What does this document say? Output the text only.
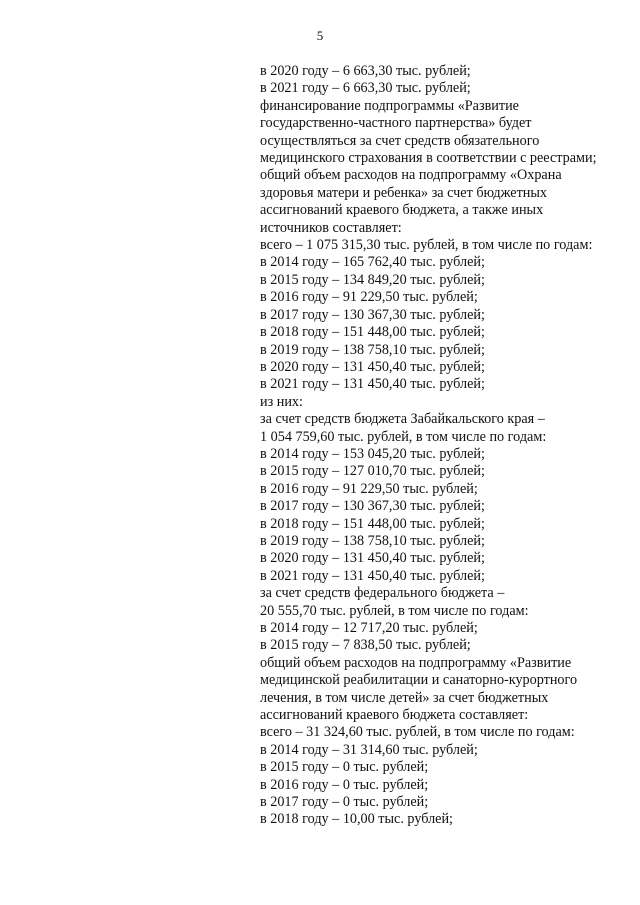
5
в 2020 году – 6 663,30 тыс. рублей;
в 2021 году – 6 663,30 тыс. рублей;
финансирование подпрограммы «Развитие
государственно-частного партнерства» будет
осуществляться за счет средств обязательного
медицинского страхования в соответствии с реестрами;
общий объем расходов на подпрограмму «Охрана
здоровья матери и ребенка» за счет бюджетных
ассигнований краевого бюджета, а также иных
источников составляет:
всего – 1 075 315,30 тыс. рублей, в том числе по годам:
в 2014 году – 165 762,40 тыс. рублей;
в 2015 году – 134 849,20 тыс. рублей;
в 2016 году – 91 229,50 тыс. рублей;
в 2017 году – 130 367,30 тыс. рублей;
в 2018 году – 151 448,00 тыс. рублей;
в 2019 году – 138 758,10 тыс. рублей;
в 2020 году – 131 450,40 тыс. рублей;
в 2021 году – 131 450,40 тыс. рублей;
из них:
за счет средств бюджета Забайкальского края –
1 054 759,60 тыс. рублей, в том числе по годам:
в 2014 году – 153 045,20 тыс. рублей;
в 2015 году – 127 010,70 тыс. рублей;
в 2016 году – 91 229,50 тыс. рублей;
в 2017 году – 130 367,30 тыс. рублей;
в 2018 году – 151 448,00 тыс. рублей;
в 2019 году – 138 758,10 тыс. рублей;
в 2020 году – 131 450,40 тыс. рублей;
в 2021 году – 131 450,40 тыс. рублей;
за счет средств федерального бюджета –
20 555,70 тыс. рублей, в том числе по годам:
в 2014 году – 12 717,20 тыс. рублей;
в 2015 году – 7 838,50 тыс. рублей;
общий объем расходов на подпрограмму «Развитие
медицинской реабилитации и санаторно-курортного
лечения, в том числе детей» за счет бюджетных
ассигнований краевого бюджета составляет:
всего – 31 324,60 тыс. рублей, в том числе по годам:
в 2014 году – 31 314,60 тыс. рублей;
в 2015 году – 0 тыс. рублей;
в 2016 году – 0 тыс. рублей;
в 2017 году – 0 тыс. рублей;
в 2018 году – 10,00 тыс. рублей;
